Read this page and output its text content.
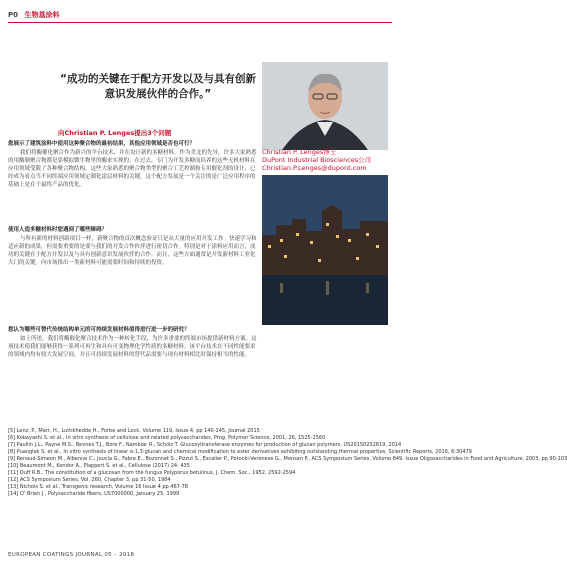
P0 生物基涂料
“成功的关键在于配方开发以及与具有创新意识发展伙伴的合作。”
Christian P. Lenges博士
DuPont Industrial Biosciences公司
Christian.P.Lenges@dupont.com
向Christian P. Lenges提出3个问题
您展示了建筑涂料中使用这种聚合物的最初结果，其他应用领域是否也可行？
我们将酶催化聚合作为新兴的平台技术，并在设计新的多糖材料。作为美北的先导，许多大家熟悉的用酶制聚合物都是靠模拟微生物里的酶来实现的。在过去，专门为开发多糖而培养的这些无机材料在应用领域受限了各种聚合物结构。这些大家熟悉的聚合物类型的聚合工艺控制和专用催化剂的设计，已经成为看点当不同终端应用领域定制化涂层材料的关键，这个配方发展是一个关注的是广泛应用程序的基础上是在于最终产品的优化。
使用人造多糖材料时您遇到了哪些障碍？
与所有新的材料创新项目一样，新聚合物的首次概念验证只是从大量的应用开发工作。快速学习和适应新的成果，但需要重要的是要与我们的开发合作伙伴进行密切合作。特别是对于涂料应用而言，成功的关键在于配方开发以及与具有创新意识发展伙伴的合作。而且，这些方面通常是开发新材料工业化大门的关键。向市场推出一类新材料可能需要时间和持续的投资。
您认为哪些可替代传统结构单元的可持续发展材料值得进行进一步的研究？
如上所述，我们将酶催化聚合技术作为一种转化手段，为许多重要的终端市场提供新材料方案。这项技术使我们能够获得一系列可再生和具有可变物理化学性质的多糖材料。该平台技术在不同性能要求的领域内均有较大发展空间，并且可持续发展材料的替代品需要与现有材料相比时保持相当的性能。
[5] Lenz, P., Marr, H., Luttikhedde H., Forbe and Lock, Volume 119, Issue 4, pp 140-145, Journal 2015
[6] Kobayashi S. et al., In vitro synthesis of cellulose and related polysaccharides, Prog. Polymer Science, 2001, 26, 1525-1560
[7] Paullin J.L., Payne M.S., Bevnes T.J., Bore F., Nambiar R., Scholz T. Glucosyltransferase enzymes for production of glucan polymers, US20150232819, 2014
[8] Puanglek S. et al., In vitro synthesis of linear α-1,3-glucan and chemical modification to ester derivatives exhibiting outstanding thermal properties, Scientific Reports, 2016, 6:30479
[9] Renaud-Simeon M., Albenne C., Joucla G., Fabre E., Bozonnet S., Pizzut S., Escalier P., Potocki-Veronese G., Monsan P., ACS Symposium Series, Volume 849, Issue Oligosaccharides in Food and Agriculture, 2003, pp 90-103
[10] Beaumont M., Kondor A., Plappert S. et al., Cellulose (2017) 24: 435
[11] Duff R.B., The constitution of a glucosan from the fungus Polyporus betulinus, J. Chem. Soc., 1952, 2592-2594
[12] ACS Symposium Series, Vol. 260, Chapter 3, pp 31-50, 1984
[13] Nichols S. et al., Transgenic research, Volume 16 Issue 4 pp 467-78
[14] O’ Brien J., Polysaccharide fibers, US7000000, January 25, 1999
EUROPEAN COATINGS JOURNAL 05 – 2018
